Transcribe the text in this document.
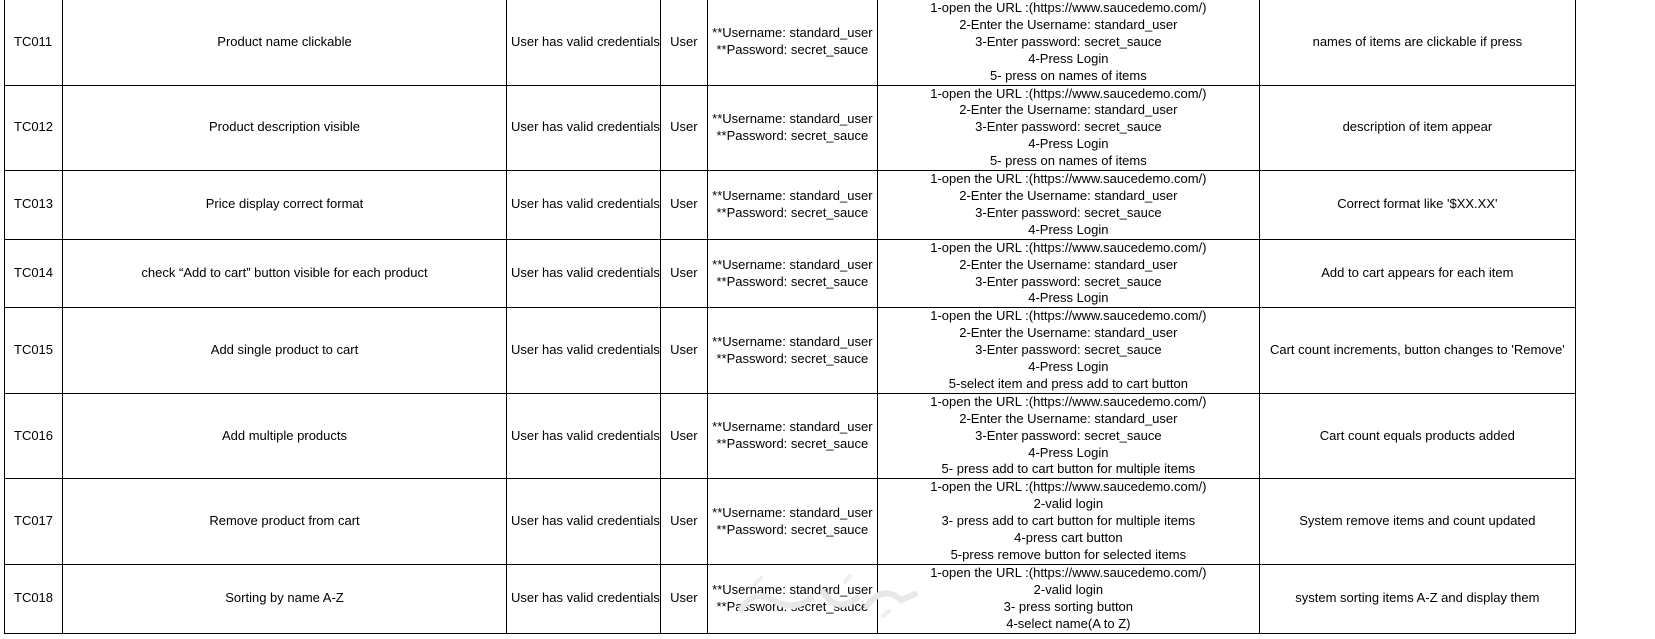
TC011	Product name clickable	User has valid credentials	User	**Username: standard_user
**Password: secret_sauce	1-open the URL :(https://www.saucedemo.com/)
2-Enter the Username: standard_user
3-Enter password: secret_sauce
4-Press Login
5- press on names of items	names of items are clickable if press
TC012	Product description visible	User has valid credentials	User	**Username: standard_user
**Password: secret_sauce	1-open the URL :(https://www.saucedemo.com/)
2-Enter the Username: standard_user
3-Enter password: secret_sauce
4-Press Login
5- press on names of items	description of item appear
TC013	Price display correct format	User has valid credentials	User	**Username: standard_user
**Password: secret_sauce	1-open the URL :(https://www.saucedemo.com/)
2-Enter the Username: standard_user
3-Enter password: secret_sauce
4-Press Login	Correct format like '$XX.XX'
TC014	check “Add to cart” button visible for each product	User has valid credentials	User	**Username: standard_user
**Password: secret_sauce	1-open the URL :(https://www.saucedemo.com/)
2-Enter the Username: standard_user
3-Enter password: secret_sauce
4-Press Login	Add to cart appears for each item
TC015	Add single product to cart	User has valid credentials	User	**Username: standard_user
**Password: secret_sauce	1-open the URL :(https://www.saucedemo.com/)
2-Enter the Username: standard_user
3-Enter password: secret_sauce
4-Press Login
5-select item and press add to cart button	Cart count increments, button changes to 'Remove'
TC016	Add multiple products	User has valid credentials	User	**Username: standard_user
**Password: secret_sauce	1-open the URL :(https://www.saucedemo.com/)
2-Enter the Username: standard_user
3-Enter password: secret_sauce
4-Press Login
5- press add to cart button for multiple items	Cart count equals products added
TC017	Remove product from cart	User has valid credentials	User	**Username: standard_user
**Password: secret_sauce	1-open the URL :(https://www.saucedemo.com/)
2-valid login
3- press add to cart button for multiple items
4-press cart button
5-press remove button for selected items	System remove items and count updated
TC018	Sorting by name A-Z	User has valid credentials	User	**Username: standard_user
**Password: secret_sauce	1-open the URL :(https://www.saucedemo.com/)
2-valid login
3- press sorting button
4-select name(A to Z)	system sorting items A-Z and display them
